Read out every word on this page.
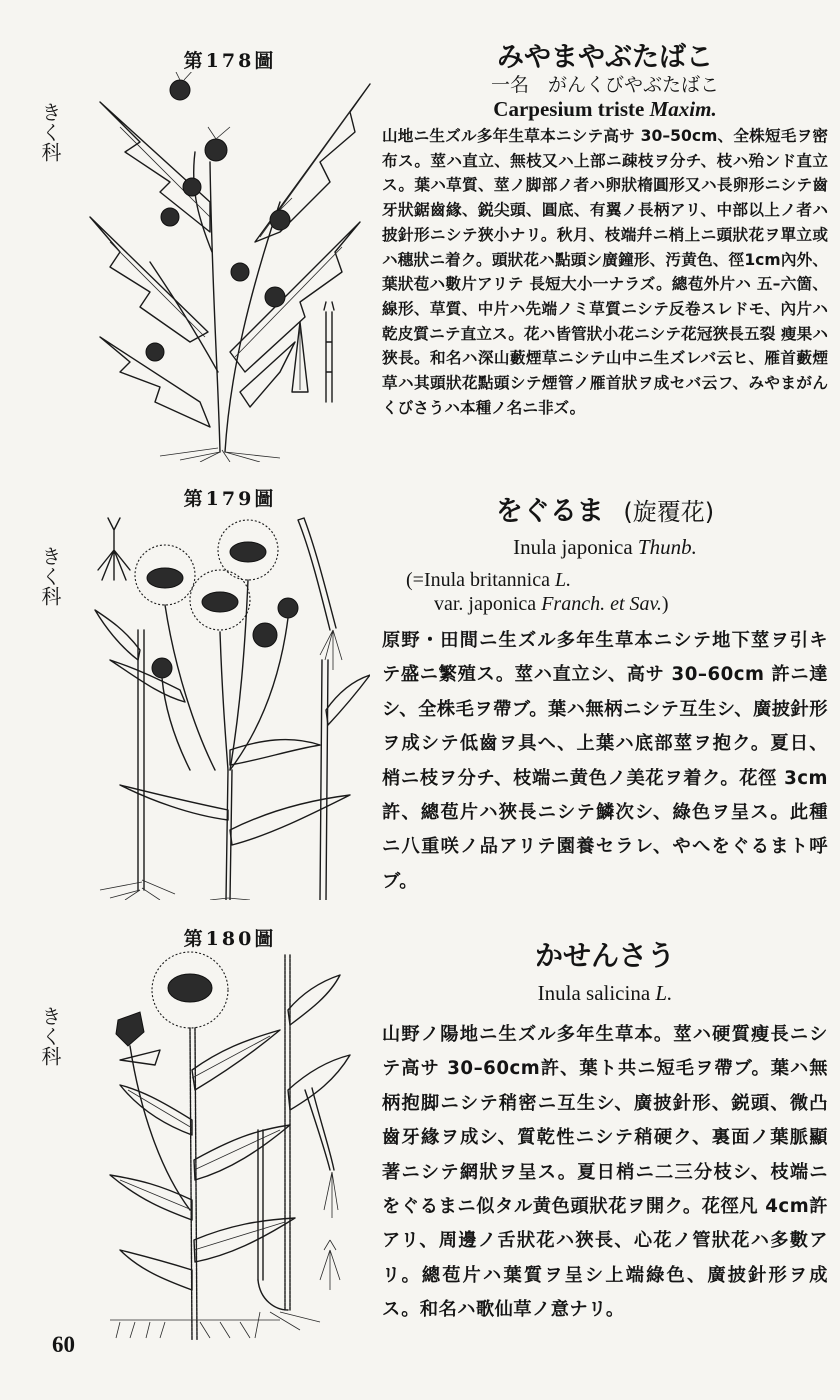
第178圖
きく科
みやまやぶたばこ
一名　がんくびやぶたばこ
Carpesium triste Maxim.
山地ニ生ズル多年生草本ニシテ高サ 30–50cm、全株短毛ヲ密布ス。莖ハ直立、無枝又ハ上部ニ疎枝ヲ分チ、枝ハ殆ンド直立ス。葉ハ草質、莖ノ脚部ノ者ハ卵狀楕圓形又ハ長卵形ニシテ齒牙狀鋸齒緣、鋭尖頭、圓底、有翼ノ長柄アリ、中部以上ノ者ハ披針形ニシテ狹小ナリ。秋月、枝端幷ニ梢上ニ頭狀花ヲ單立或ハ穗狀ニ着ク。頭狀花ハ點頭シ廣鐘形、汚黄色、徑1cm內外、葉狀苞ハ數片アリテ 長短大小一ナラズ。總苞外片ハ 五–六箇、線形、草質、中片ハ先端ノミ草質ニシテ反卷スレドモ、內片ハ乾皮質ニテ直立ス。花ハ皆管狀小花ニシテ花冠狹長五裂 瘦果ハ狹長。和名ハ深山藪煙草ニシテ山中ニ生ズレバ云ヒ、雁首藪煙草ハ其頭狀花點頭シテ煙管ノ雁首狀ヲ成セバ云フ、みやまがんくびさうハ本種ノ名ニ非ズ。
第179圖
きく科
をぐるま (旋覆花)
Inula japonica Thunb.
(=Inula britannica L.
var. japonica Franch. et Sav.)
原野・田間ニ生ズル多年生草本ニシテ地下莖ヲ引キテ盛ニ繁殖ス。莖ハ直立シ、高サ 30–60cm 許ニ達シ、全株毛ヲ帶ブ。葉ハ無柄ニシテ互生シ、廣披針形ヲ成シテ低齒ヲ具ヘ、上葉ハ底部莖ヲ抱ク。夏日、梢ニ枝ヲ分チ、枝端ニ黄色ノ美花ヲ着ク。花徑 3cm許、總苞片ハ狹長ニシテ鱗次シ、綠色ヲ呈ス。此種ニ八重咲ノ品アリテ園養セラレ、やへをぐるまト呼ブ。
第180圖
きく科
かせんさう
Inula salicina L.
山野ノ陽地ニ生ズル多年生草本。莖ハ硬質瘦長ニシテ高サ 30–60cm許、葉ト共ニ短毛ヲ帶ブ。葉ハ無柄抱脚ニシテ稍密ニ互生シ、廣披針形、鋭頭、微凸齒牙緣ヲ成シ、質乾性ニシテ稍硬ク、裏面ノ葉脈顯著ニシテ網狀ヲ呈ス。夏日梢ニ二三分枝シ、枝端ニをぐるまニ似タル黄色頭狀花ヲ開ク。花徑凡 4cm許アリ、周邊ノ舌狀花ハ狹長、心花ノ管狀花ハ多數アリ。總苞片ハ葉質ヲ呈シ上端綠色、廣披針形ヲ成ス。和名ハ歌仙草ノ意ナリ。
60
